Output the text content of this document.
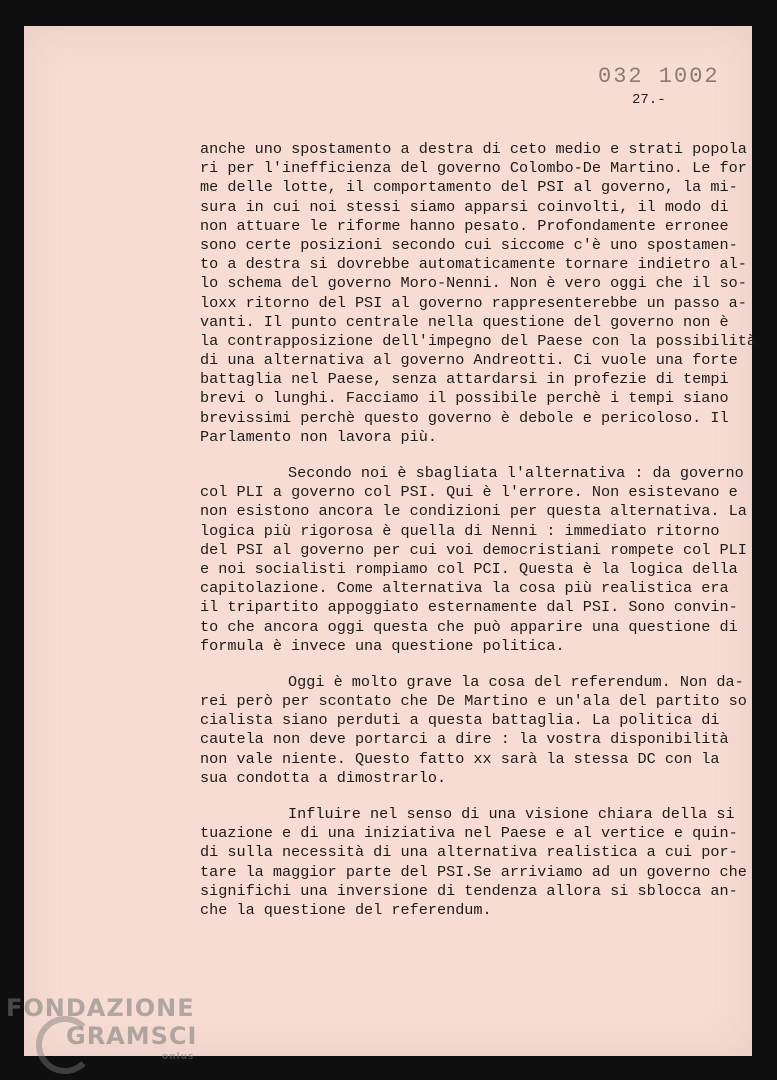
032 1002
27.-
anche uno spostamento a destra di ceto medio e strati popola
ri per l'inefficienza del governo Colombo-De Martino. Le for
me delle lotte, il comportamento del PSI al governo, la mi-
sura in cui noi stessi siamo apparsi coinvolti, il modo di
non attuare le riforme hanno pesato. Profondamente erronee
sono certe posizioni secondo cui siccome c'è uno spostamen-
to a destra si dovrebbe automaticamente tornare indietro al-
lo schema del governo Moro-Nenni. Non è vero oggi che il so-
loxx ritorno del PSI al governo rappresenterebbe un passo a-
vanti. Il punto centrale nella questione del governo non è
la contrapposizione dell'impegno del Paese con la possibilità
di una alternativa al governo Andreotti. Ci vuole una forte
battaglia nel Paese, senza attardarsi in profezie di tempi
brevi o lunghi. Facciamo il possibile perchè i tempi siano
brevissimi perchè questo governo è debole e pericoloso. Il
Parlamento non lavora più.
Secondo noi è sbagliata l'alternativa : da governo
col PLI a governo col PSI. Qui è l'errore. Non esistevano e
non esistono ancora le condizioni per questa alternativa. La
logica più rigorosa è quella di Nenni : immediato ritorno
del PSI al governo per cui voi democristiani rompete col PLI
e noi socialisti rompiamo col PCI. Questa è la logica della
capitolazione. Come alternativa la cosa più realistica era
il tripartito appoggiato esternamente dal PSI. Sono convin-
to che ancora oggi questa che può apparire una questione di
formula è invece una questione politica.
Oggi è molto grave la cosa del referendum. Non da-
rei però per scontato che De Martino e un'ala del partito so
cialista siano perduti a questa battaglia. La politica di
cautela non deve portarci a dire : la vostra disponibilità
non vale niente. Questo fatto xx sarà la stessa DC con la
sua condotta a dimostrarlo.
Influire nel senso di una visione chiara della si
tuazione e di una iniziativa nel Paese e al vertice e quin-
di sulla necessità di una alternativa realistica a cui por-
tare la maggior parte del PSI.Se arriviamo ad un governo che
significhi una inversione di tendenza allora si sblocca an-
che la questione del referendum.
FONDAZIONE
GRAMSCI
onlus
